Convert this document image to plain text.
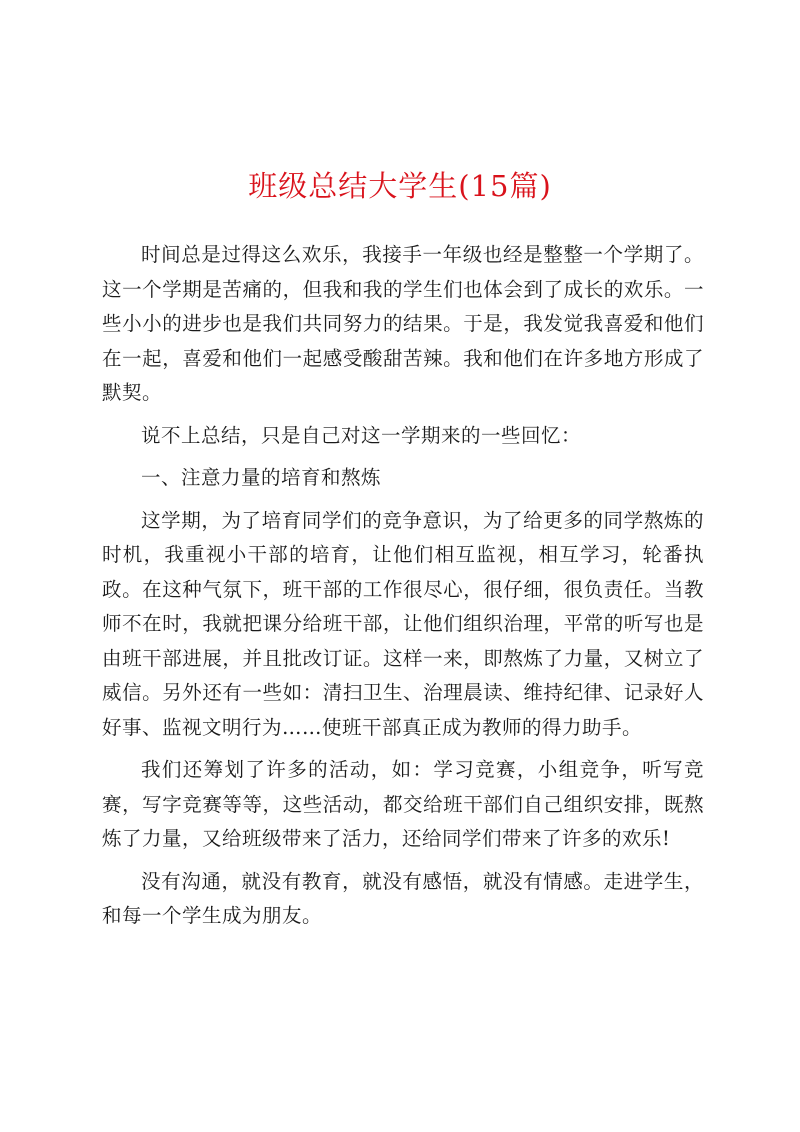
班级总结大学生(15篇)

时间总是过得这么欢乐，我接手一年级也经是整整一个学期了。这一个学期是苦痛的，但我和我的学生们也体会到了成长的欢乐。一些小小的进步也是我们共同努力的结果。于是，我发觉我喜爱和他们在一起，喜爱和他们一起感受酸甜苦辣。我和他们在许多地方形成了默契。

说不上总结，只是自己对这一学期来的一些回忆：

一、注意力量的培育和熬炼

这学期，为了培育同学们的竞争意识，为了给更多的同学熬炼的时机，我重视小干部的培育，让他们相互监视，相互学习，轮番执政。在这种气氛下，班干部的工作很尽心，很仔细，很负责任。当教师不在时，我就把课分给班干部，让他们组织治理，平常的听写也是由班干部进展，并且批改订证。这样一来，即熬炼了力量，又树立了威信。另外还有一些如：清扫卫生、治理晨读、维持纪律、记录好人好事、监视文明行为……使班干部真正成为教师的得力助手。

我们还筹划了许多的活动，如：学习竞赛，小组竞争，听写竞赛，写字竞赛等等，这些活动，都交给班干部们自己组织安排，既熬炼了力量，又给班级带来了活力，还给同学们带来了许多的欢乐!

没有沟通，就没有教育，就没有感悟，就没有情感。走进学生，和每一个学生成为朋友。
